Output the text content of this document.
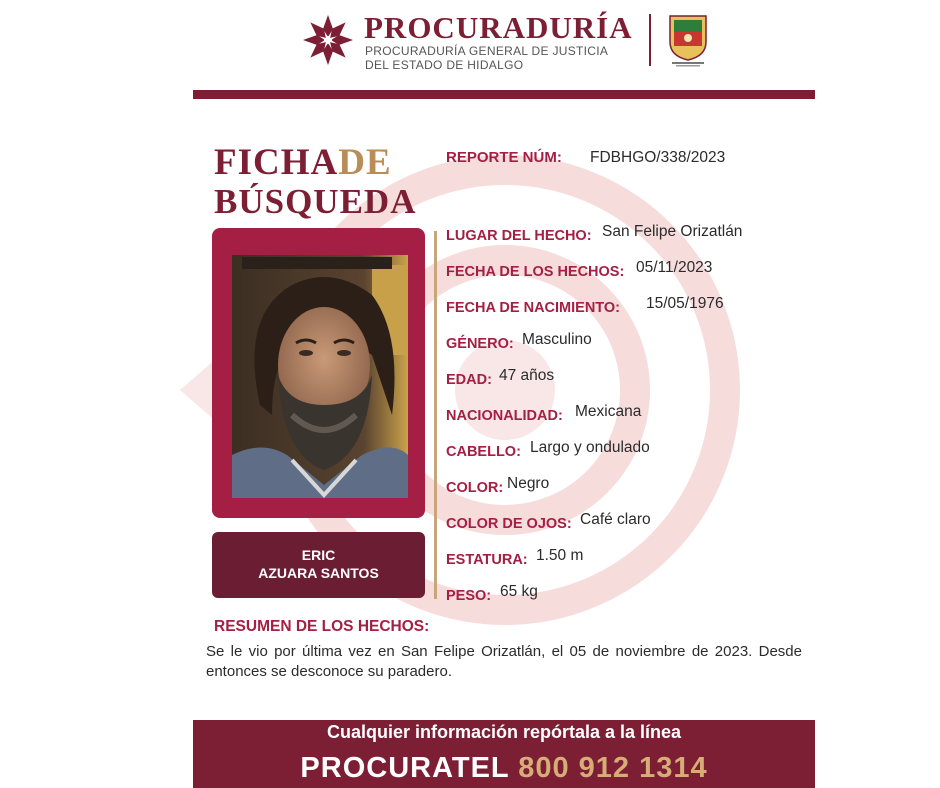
PROCURADURÍA
PROCURADURÍA GENERAL DE JUSTICIA
DEL ESTADO DE HIDALGO
FICHADE
BÚSQUEDA
REPORTE NÚM: FDBHGO/338/2023
ERIC
AZUARA SANTOS
LUGAR DEL HECHO: San Felipe Orizatlán
FECHA DE LOS HECHOS: 05/11/2023
FECHA DE NACIMIENTO: 15/05/1976
GÉNERO: Masculino
EDAD: 47 años
NACIONALIDAD: Mexicana
CABELLO: Largo y ondulado
COLOR: Negro
COLOR DE OJOS: Café claro
ESTATURA: 1.50 m
PESO: 65 kg
RESUMEN DE LOS HECHOS:
Se le vio por última vez en San Felipe Orizatlán, el 05 de noviembre de 2023. Desde entonces se desconoce su paradero.
Cualquier información repórtala a la línea
PROCURATEL 800 912 1314
